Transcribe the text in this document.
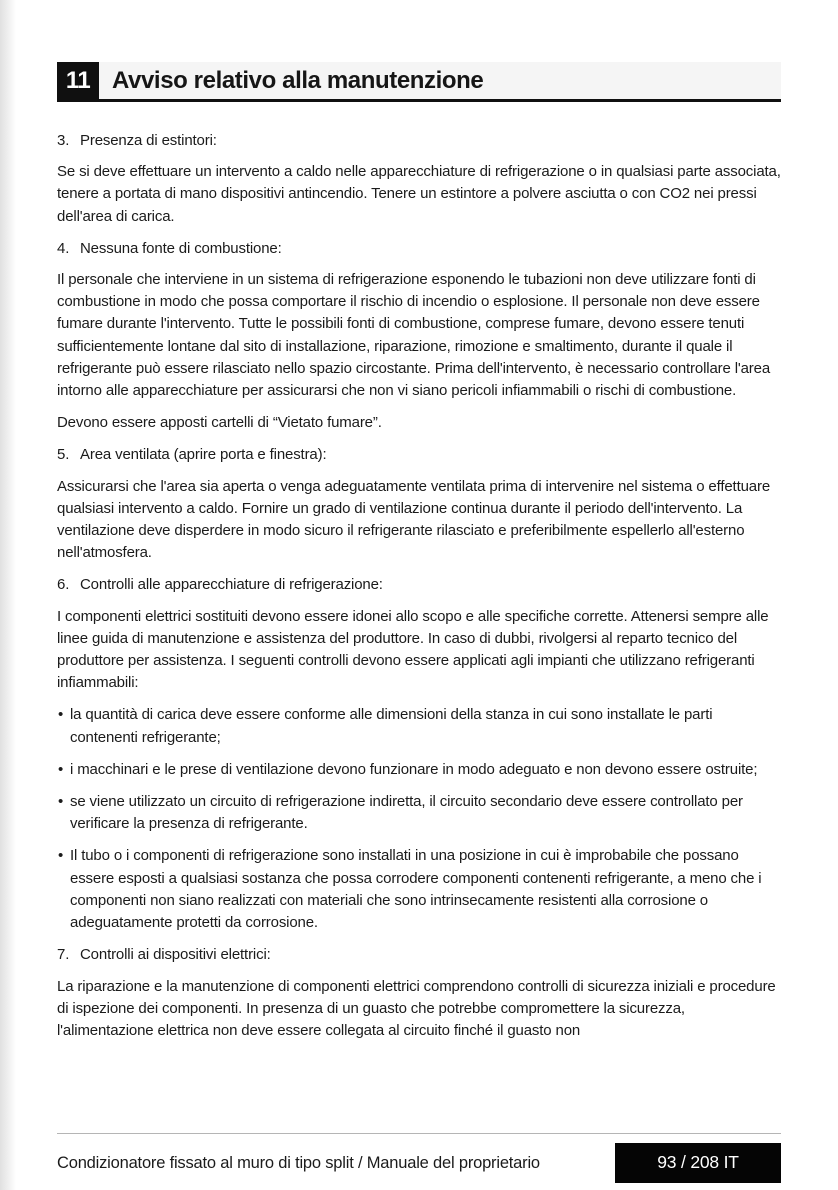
11 Avviso relativo alla manutenzione
3. Presenza di estintori:

Se si deve effettuare un intervento a caldo nelle apparecchiature di refrigerazione o in qualsiasi parte associata, tenere a portata di mano dispositivi antincendio. Tenere un estintore a polvere asciutta o con CO2 nei pressi dell'area di carica.

4. Nessuna fonte di combustione:

Il personale che interviene in un sistema di refrigerazione esponendo le tubazioni non deve utilizzare fonti di combustione in modo che possa comportare il rischio di incendio o esplosione. Il personale non deve essere fumare durante l'intervento. Tutte le possibili fonti di combustione, comprese fumare, devono essere tenuti sufficientemente lontane dal sito di installazione, riparazione, rimozione e smaltimento, durante il quale il refrigerante può essere rilasciato nello spazio circostante. Prima dell'intervento, è necessario controllare l'area intorno alle apparecchiature per assicurarsi che non vi siano pericoli infiammabili o rischi di combustione.

Devono essere apposti cartelli di “Vietato fumare”.

5. Area ventilata (aprire porta e finestra):

Assicurarsi che l'area sia aperta o venga adeguatamente ventilata prima di intervenire nel sistema o effettuare qualsiasi intervento a caldo. Fornire un grado di ventilazione continua durante il periodo dell'intervento. La ventilazione deve disperdere in modo sicuro il refrigerante rilasciato e preferibilmente espellerlo all'esterno nell'atmosfera.

6. Controlli alle apparecchiature di refrigerazione:

I componenti elettrici sostituiti devono essere idonei allo scopo e alle specifiche corrette. Attenersi sempre alle linee guida di manutenzione e assistenza del produttore. In caso di dubbi, rivolgersi al reparto tecnico del produttore per assistenza. I seguenti controlli devono essere applicati agli impianti che utilizzano refrigeranti infiammabili:

• la quantità di carica deve essere conforme alle dimensioni della stanza in cui sono installate le parti contenenti refrigerante;
• i macchinari e le prese di ventilazione devono funzionare in modo adeguato e non devono essere ostruite;
• se viene utilizzato un circuito di refrigerazione indiretta, il circuito secondario deve essere controllato per verificare la presenza di refrigerante.
• Il tubo o i componenti di refrigerazione sono installati in una posizione in cui è improbabile che possano essere esposti a qualsiasi sostanza che possa corrodere componenti contenenti refrigerante, a meno che i componenti non siano realizzati con materiali che sono intrinsecamente resistenti alla corrosione o adeguatamente protetti da corrosione.
7. Controlli ai dispositivi elettrici:

La riparazione e la manutenzione di componenti elettrici comprendono controlli di sicurezza iniziali e procedure di ispezione dei componenti. In presenza di un guasto che potrebbe compromettere la sicurezza, l'alimentazione elettrica non deve essere collegata al circuito finché il guasto non

Condizionatore fissato al muro di tipo split / Manuale del proprietario	93 / 208 IT
